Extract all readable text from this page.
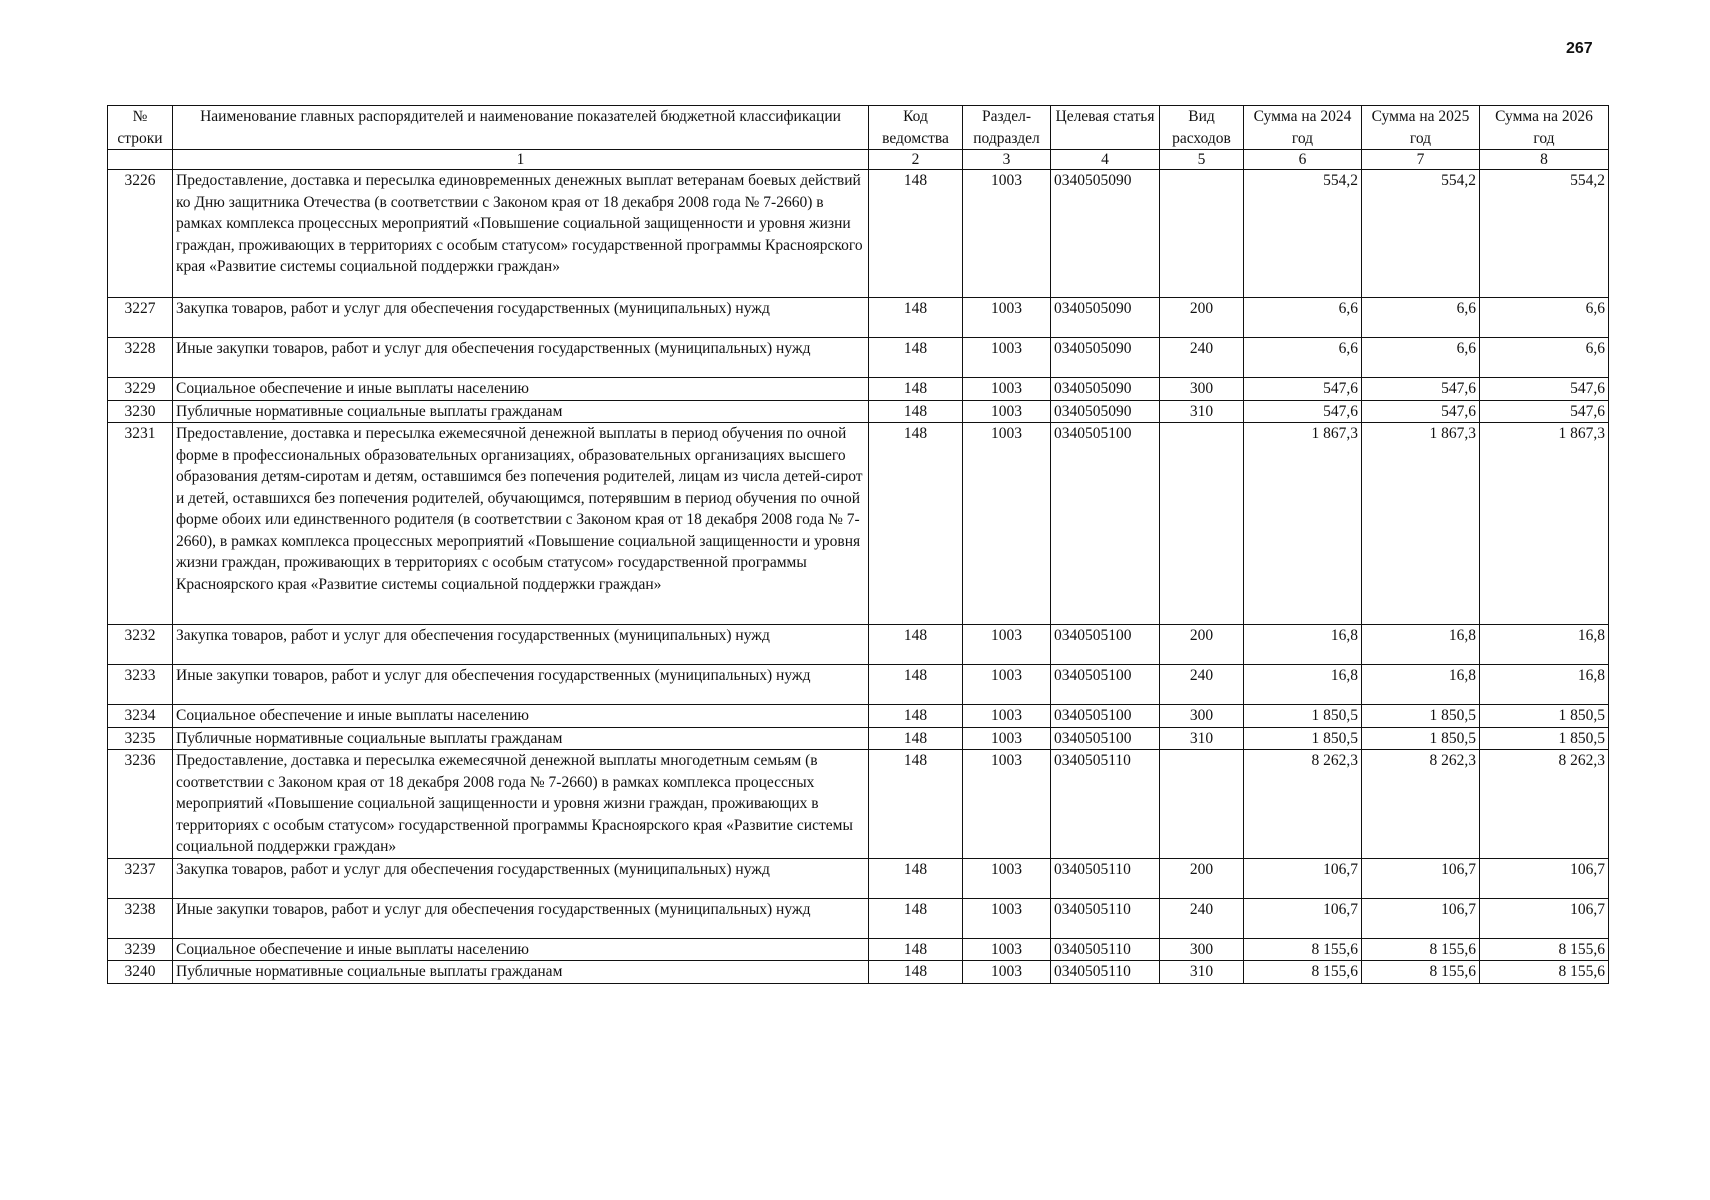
267
№ строки	Наименование главных распорядителей и наименование показателей бюджетной классификации	Код ведомства	Раздел-подраздел	Целевая статья	Вид расходов	Сумма на 2024 год	Сумма на 2025 год	Сумма на 2026 год
	1	2	3	4	5	6	7	8
3226	Предоставление, доставка и пересылка единовременных денежных выплат ветеранам боевых действий ко Дню защитника Отечества (в соответствии с Законом края от 18 декабря 2008 года № 7-2660) в рамках комплекса процессных мероприятий «Повышение социальной защищенности и уровня жизни граждан, проживающих в территориях с особым статусом» государственной программы Красноярского края «Развитие системы социальной поддержки граждан»	148	1003	0340505090		554,2	554,2	554,2
3227	Закупка товаров, работ и услуг для обеспечения государственных (муниципальных) нужд	148	1003	0340505090	200	6,6	6,6	6,6
3228	Иные закупки товаров, работ и услуг для обеспечения государственных (муниципальных) нужд	148	1003	0340505090	240	6,6	6,6	6,6
3229	Социальное обеспечение и иные выплаты населению	148	1003	0340505090	300	547,6	547,6	547,6
3230	Публичные нормативные социальные выплаты гражданам	148	1003	0340505090	310	547,6	547,6	547,6
3231	Предоставление, доставка и пересылка ежемесячной денежной выплаты в период обучения по очной форме в профессиональных образовательных организациях, образовательных организациях высшего образования детям-сиротам и детям, оставшимся без попечения родителей, лицам из числа детей-сирот и детей, оставшихся без попечения родителей, обучающимся, потерявшим в период обучения по очной форме обоих или единственного родителя (в соответствии с Законом края от 18 декабря 2008 года № 7-2660), в рамках комплекса процессных мероприятий «Повышение социальной защищенности и уровня жизни граждан, проживающих в территориях с особым статусом» государственной программы Красноярского края «Развитие системы социальной поддержки граждан»	148	1003	0340505100		1 867,3	1 867,3	1 867,3
3232	Закупка товаров, работ и услуг для обеспечения государственных (муниципальных) нужд	148	1003	0340505100	200	16,8	16,8	16,8
3233	Иные закупки товаров, работ и услуг для обеспечения государственных (муниципальных) нужд	148	1003	0340505100	240	16,8	16,8	16,8
3234	Социальное обеспечение и иные выплаты населению	148	1003	0340505100	300	1 850,5	1 850,5	1 850,5
3235	Публичные нормативные социальные выплаты гражданам	148	1003	0340505100	310	1 850,5	1 850,5	1 850,5
3236	Предоставление, доставка и пересылка ежемесячной денежной выплаты многодетным семьям (в соответствии с Законом края от 18 декабря 2008 года № 7-2660) в рамках комплекса процессных мероприятий «Повышение социальной защищенности и уровня жизни граждан, проживающих в территориях с особым статусом» государственной программы Красноярского края «Развитие системы социальной поддержки граждан»	148	1003	0340505110		8 262,3	8 262,3	8 262,3
3237	Закупка товаров, работ и услуг для обеспечения государственных (муниципальных) нужд	148	1003	0340505110	200	106,7	106,7	106,7
3238	Иные закупки товаров, работ и услуг для обеспечения государственных (муниципальных) нужд	148	1003	0340505110	240	106,7	106,7	106,7
3239	Социальное обеспечение и иные выплаты населению	148	1003	0340505110	300	8 155,6	8 155,6	8 155,6
3240	Публичные нормативные социальные выплаты гражданам	148	1003	0340505110	310	8 155,6	8 155,6	8 155,6
